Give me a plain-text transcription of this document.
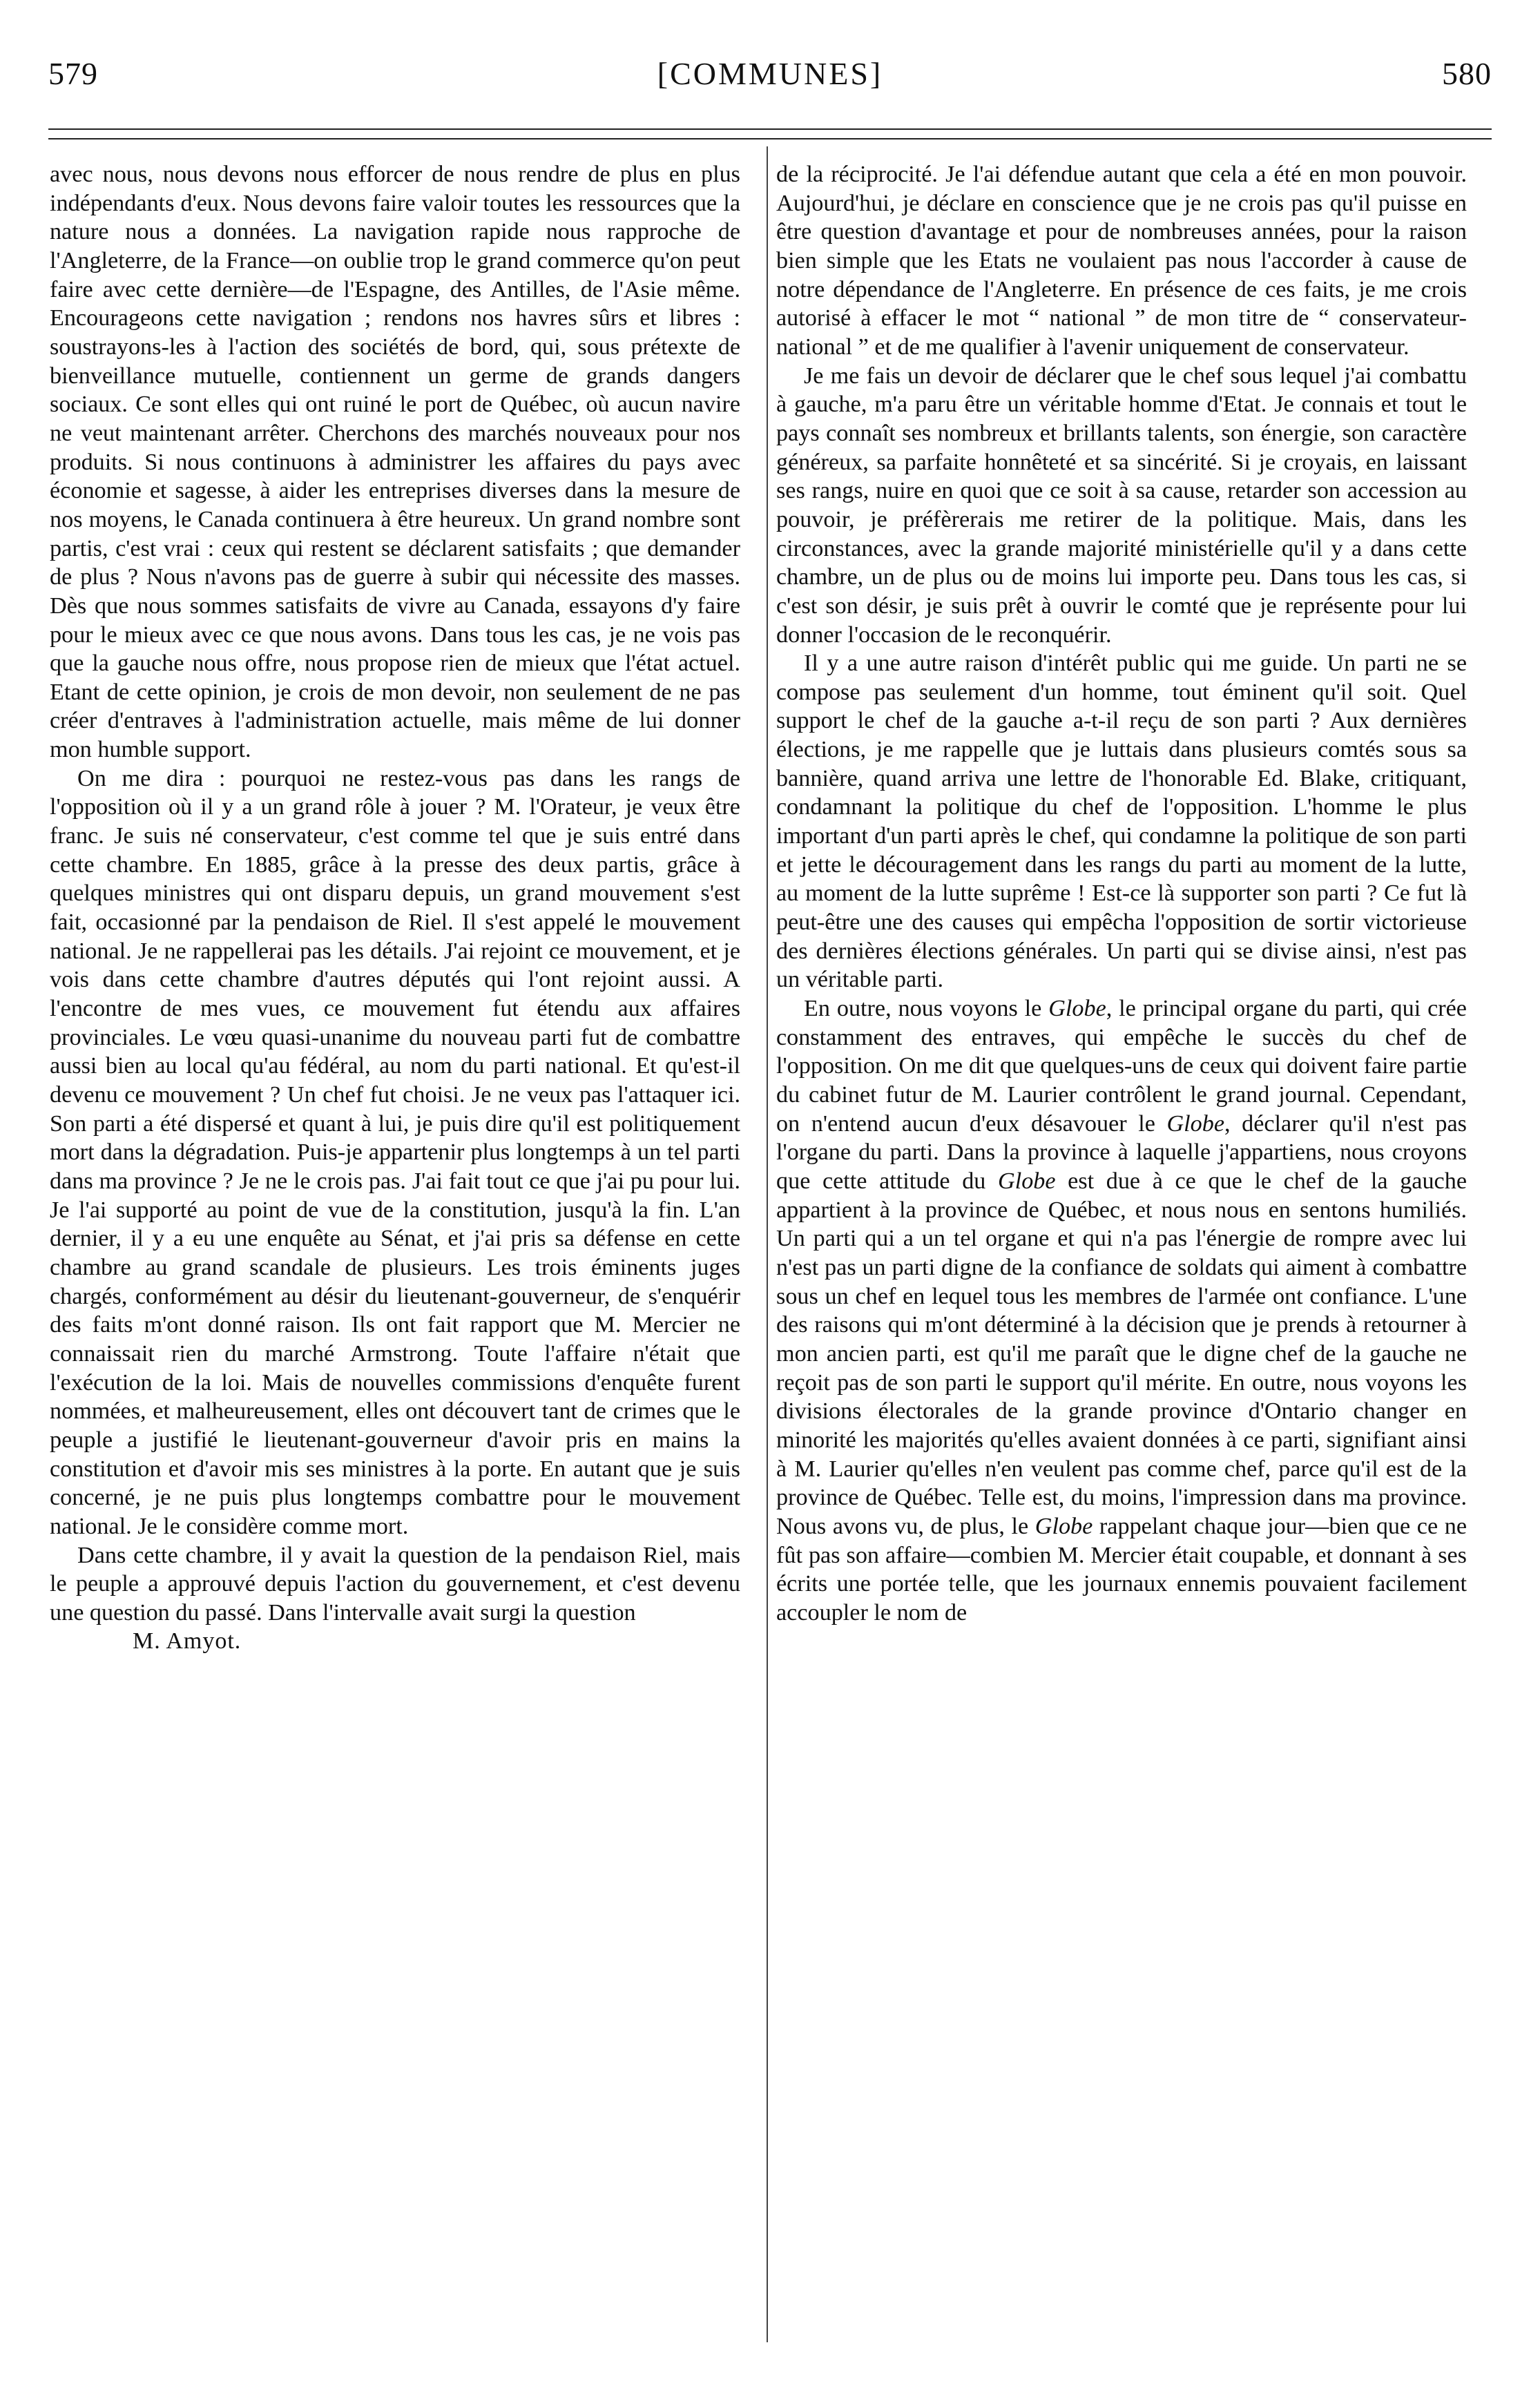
579	[COMMUNES]	580

avec nous, nous devons nous efforcer de nous rendre de plus en plus indépendants d'eux. Nous devons faire valoir toutes les ressources que la nature nous a données. La navigation rapide nous rapproche de l'Angleterre, de la France—on oublie trop le grand commerce qu'on peut faire avec cette dernière—de l'Espagne, des Antilles, de l'Asie même. Encourageons cette navigation ; rendons nos havres sûrs et libres : soustrayons-les à l'action des sociétés de bord, qui, sous prétexte de bienveillance mutuelle, contiennent un germe de grands dangers sociaux. Ce sont elles qui ont ruiné le port de Québec, où aucun navire ne veut maintenant arrêter. Cherchons des marchés nouveaux pour nos produits. Si nous continuons à administrer les affaires du pays avec économie et sagesse, à aider les entreprises diverses dans la mesure de nos moyens, le Canada continuera à être heureux. Un grand nombre sont partis, c'est vrai : ceux qui restent se déclarent satisfaits ; que demander de plus ? Nous n'avons pas de guerre à subir qui nécessite des masses. Dès que nous sommes satisfaits de vivre au Canada, essayons d'y faire pour le mieux avec ce que nous avons. Dans tous les cas, je ne vois pas que la gauche nous offre, nous propose rien de mieux que l'état actuel. Etant de cette opinion, je crois de mon devoir, non seulement de ne pas créer d'entraves à l'administration actuelle, mais même de lui donner mon humble support.

On me dira : pourquoi ne restez-vous pas dans les rangs de l'opposition où il y a un grand rôle à jouer ? M. l'Orateur, je veux être franc. Je suis né conservateur, c'est comme tel que je suis entré dans cette chambre. En 1885, grâce à la presse des deux partis, grâce à quelques ministres qui ont disparu depuis, un grand mouvement s'est fait, occasionné par la pendaison de Riel. Il s'est appelé le mouvement national. Je ne rappellerai pas les détails. J'ai rejoint ce mouvement, et je vois dans cette chambre d'autres députés qui l'ont rejoint aussi. A l'encontre de mes vues, ce mouvement fut étendu aux affaires provinciales. Le vœu quasi-unanime du nouveau parti fut de combattre aussi bien au local qu'au fédéral, au nom du parti national. Et qu'est-il devenu ce mouvement ? Un chef fut choisi. Je ne veux pas l'attaquer ici. Son parti a été dispersé et quant à lui, je puis dire qu'il est politiquement mort dans la dégradation. Puis-je appartenir plus longtemps à un tel parti dans ma province ? Je ne le crois pas. J'ai fait tout ce que j'ai pu pour lui. Je l'ai supporté au point de vue de la constitution, jusqu'à la fin. L'an dernier, il y a eu une enquête au Sénat, et j'ai pris sa défense en cette chambre au grand scandale de plusieurs. Les trois éminents juges chargés, conformément au désir du lieutenant-gouverneur, de s'enquérir des faits m'ont donné raison. Ils ont fait rapport que M. Mercier ne connaissait rien du marché Armstrong. Toute l'affaire n'était que l'exécution de la loi. Mais de nouvelles commissions d'enquête furent nommées, et malheureusement, elles ont découvert tant de crimes que le peuple a justifié le lieutenant-gouverneur d'avoir pris en mains la constitution et d'avoir mis ses ministres à la porte. En autant que je suis concerné, je ne puis plus longtemps combattre pour le mouvement national. Je le considère comme mort.

Dans cette chambre, il y avait la question de la pendaison Riel, mais le peuple a approuvé depuis l'action du gouvernement, et c'est devenu une question du passé. Dans l'intervalle avait surgi la question

M. Amyot.

de la réciprocité. Je l'ai défendue autant que cela a été en mon pouvoir. Aujourd'hui, je déclare en conscience que je ne crois pas qu'il puisse en être question d'avantage et pour de nombreuses années, pour la raison bien simple que les Etats ne voulaient pas nous l'accorder à cause de notre dépendance de l'Angleterre. En présence de ces faits, je me crois autorisé à effacer le mot “ national ” de mon titre de “ conservateur-national ” et de me qualifier à l'avenir uniquement de conservateur.

Je me fais un devoir de déclarer que le chef sous lequel j'ai combattu à gauche, m'a paru être un véritable homme d'Etat. Je connais et tout le pays connaît ses nombreux et brillants talents, son énergie, son caractère généreux, sa parfaite honnêteté et sa sincérité. Si je croyais, en laissant ses rangs, nuire en quoi que ce soit à sa cause, retarder son accession au pouvoir, je préfèrerais me retirer de la politique. Mais, dans les circonstances, avec la grande majorité ministérielle qu'il y a dans cette chambre, un de plus ou de moins lui importe peu. Dans tous les cas, si c'est son désir, je suis prêt à ouvrir le comté que je représente pour lui donner l'occasion de le reconquérir.

Il y a une autre raison d'intérêt public qui me guide. Un parti ne se compose pas seulement d'un homme, tout éminent qu'il soit. Quel support le chef de la gauche a-t-il reçu de son parti ? Aux dernières élections, je me rappelle que je luttais dans plusieurs comtés sous sa bannière, quand arriva une lettre de l'honorable Ed. Blake, critiquant, condamnant la politique du chef de l'opposition. L'homme le plus important d'un parti après le chef, qui condamne la politique de son parti et jette le découragement dans les rangs du parti au moment de la lutte, au moment de la lutte suprême ! Est-ce là supporter son parti ? Ce fut là peut-être une des causes qui empêcha l'opposition de sortir victorieuse des dernières élections générales. Un parti qui se divise ainsi, n'est pas un véritable parti.

En outre, nous voyons le Globe, le principal organe du parti, qui crée constamment des entraves, qui empêche le succès du chef de l'opposition. On me dit que quelques-uns de ceux qui doivent faire partie du cabinet futur de M. Laurier contrôlent le grand journal. Cependant, on n'entend aucun d'eux désavouer le Globe, déclarer qu'il n'est pas l'organe du parti. Dans la province à laquelle j'appartiens, nous croyons que cette attitude du Globe est due à ce que le chef de la gauche appartient à la province de Québec, et nous nous en sentons humiliés. Un parti qui a un tel organe et qui n'a pas l'énergie de rompre avec lui n'est pas un parti digne de la confiance de soldats qui aiment à combattre sous un chef en lequel tous les membres de l'armée ont confiance. L'une des raisons qui m'ont déterminé à la décision que je prends à retourner à mon ancien parti, est qu'il me paraît que le digne chef de la gauche ne reçoit pas de son parti le support qu'il mérite. En outre, nous voyons les divisions électorales de la grande province d'Ontario changer en minorité les majorités qu'elles avaient données à ce parti, signifiant ainsi à M. Laurier qu'elles n'en veulent pas comme chef, parce qu'il est de la province de Québec. Telle est, du moins, l'impression dans ma province. Nous avons vu, de plus, le Globe rappelant chaque jour—bien que ce ne fût pas son affaire—combien M. Mercier était coupable, et donnant à ses écrits une portée telle, que les journaux ennemis pouvaient facilement accoupler le nom de
